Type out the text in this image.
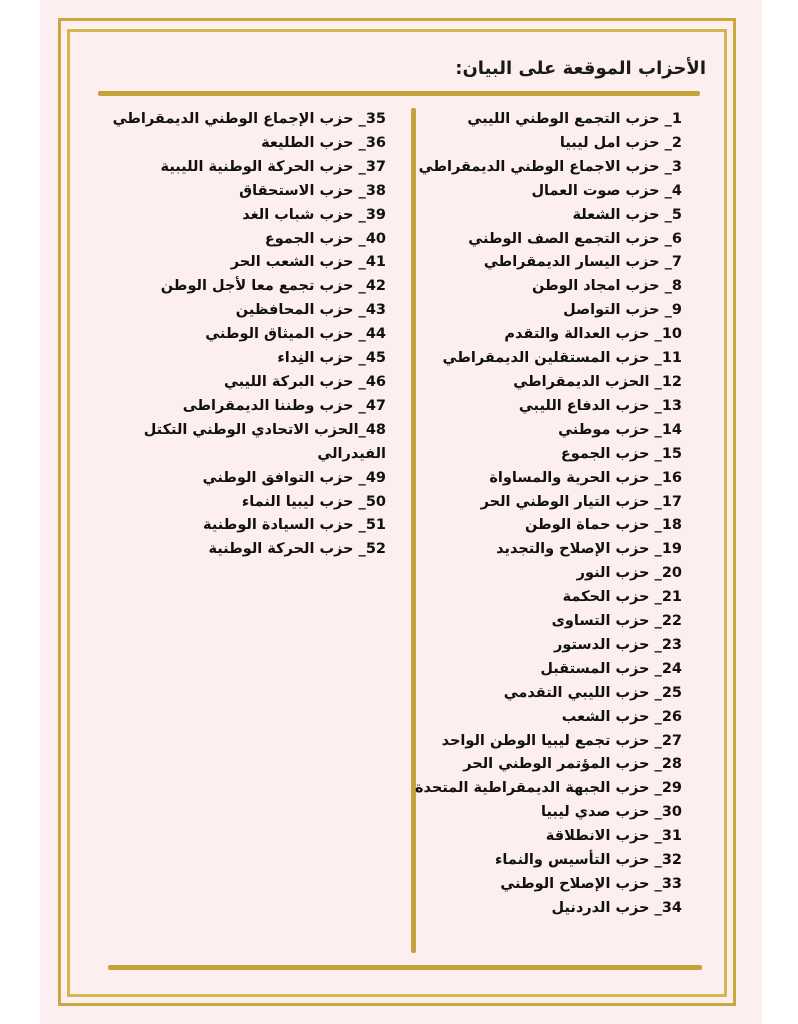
الأحزاب الموقعة على البيان:
1_ حزب التجمع الوطني الليبي
2_ حزب امل ليبيا
3_ حزب الاجماع الوطني الديمقراطي
4_ حزب صوت العمال
5_ حزب الشعلة
6_ حزب التجمع الصف الوطني
7_ حزب اليسار الديمقراطي
8_ حزب امجاد الوطن
9_ حزب التواصل
10_ حزب العدالة والتقدم
11_ حزب المستقلين الديمقراطي
12_ الحزب الديمقراطي
13_ حزب الدفاع الليبي
14_ حزب موطني
15_ حزب الجموع
16_ حزب الحرية والمساواة
17_ حزب التيار الوطني الحر
18_ حزب حماة الوطن
19_ حزب الإصلاح والتجديد
20_ حزب النور
21_ حزب الحكمة
22_ حزب التساوى
23_ حزب الدستور
24_ حزب المستقبل
25_ حزب الليبي التقدمي
26_ حزب الشعب
27_ حزب تجمع ليبيا الوطن الواحد
28_ حزب المؤتمر الوطني الحر
29_ حزب الجبهة الديمقراطية المتحدة
30_ حزب صدي ليبيا
31_ حزب الانطلاقة
32_ حزب التأسيس والنماء
33_ حزب الإصلاح الوطني
34_ حزب الدردنيل
35_ حزب الإجماع الوطني الديمقراطي
36_ حزب الطليعة
37_ حزب الحركة الوطنية الليبية
38_ حزب الاستحقاق
39_ حزب شباب الغد
40_ حزب الجموع
41_ حزب الشعب الحر
42_ حزب تجمع معا لأجل الوطن
43_ حزب المحافظين
44_ حزب الميثاق الوطني
45_ حزب النِداء
46_ حزب البركة الليبي
47_ حزب وطننا الديمقراطى
48_الحزب الاتحادي الوطني التكتل الفيدرالي
49_ حزب التوافق الوطني
50_ حزب ليبيا النماء
51_ حزب السيادة الوطنية
52_ حزب الحركة الوطنية
